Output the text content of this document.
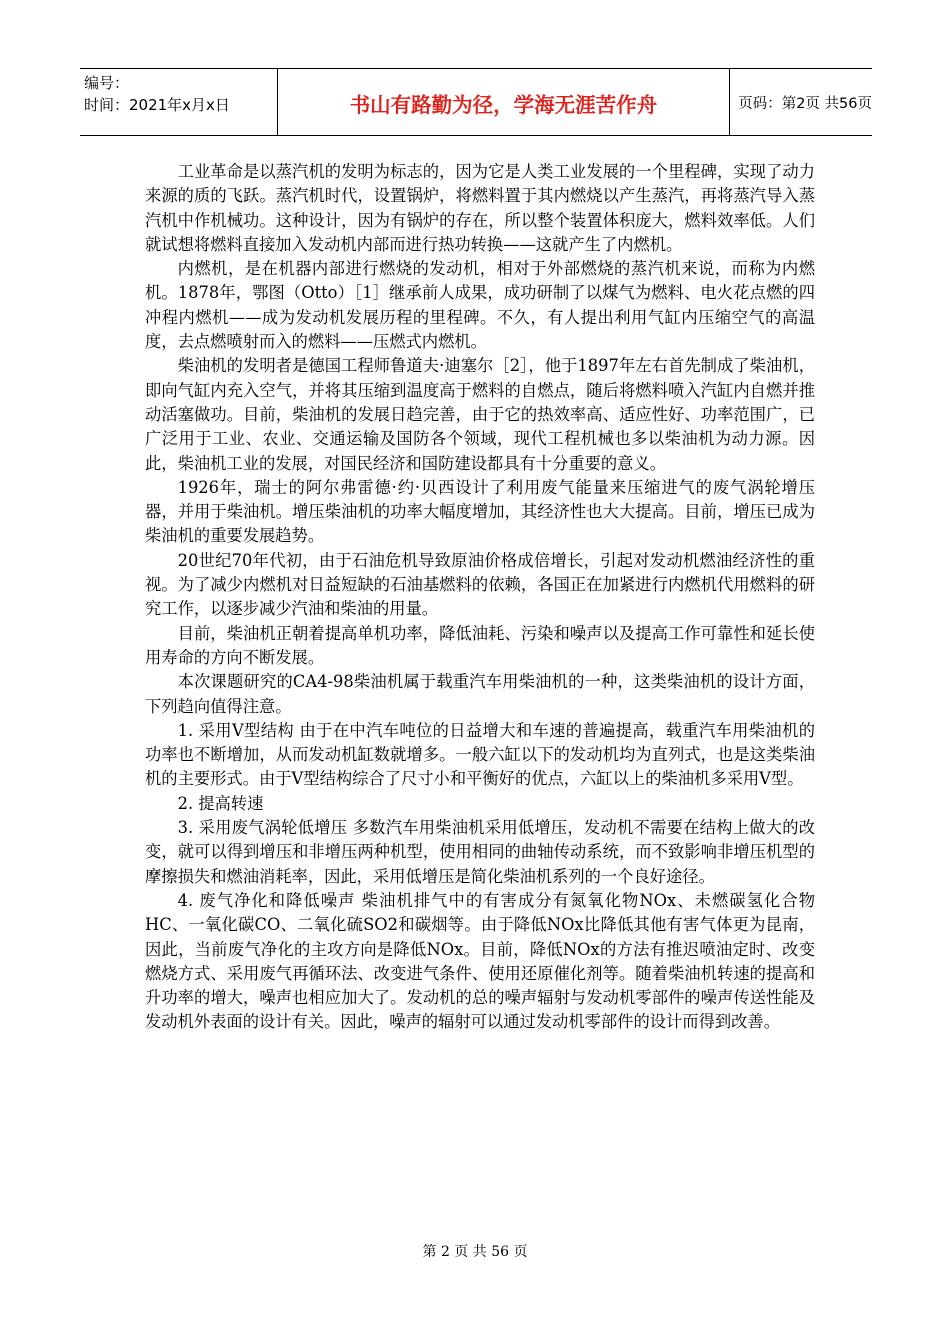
编号：
时间：2021年x月x日	书山有路勤为径，学海无涯苦作舟	页码：第2页 共56页

工业革命是以蒸汽机的发明为标志的，因为它是人类工业发展的一个里程碑，实现了动力来源的质的飞跃。蒸汽机时代，设置锅炉，将燃料置于其内燃烧以产生蒸汽，再将蒸汽导入蒸汽机中作机械功。这种设计，因为有锅炉的存在，所以整个装置体积庞大，燃料效率低。人们就试想将燃料直接加入发动机内部而进行热功转换——这就产生了内燃机。

内燃机，是在机器内部进行燃烧的发动机，相对于外部燃烧的蒸汽机来说，而称为内燃机。1878年，鄂图（Otto）［1］继承前人成果，成功研制了以煤气为燃料、电火花点燃的四冲程内燃机——成为发动机发展历程的里程碑。不久，有人提出利用气缸内压缩空气的高温度，去点燃喷射而入的燃料——压燃式内燃机。

柴油机的发明者是德国工程师鲁道夫·迪塞尔［2］，他于1897年左右首先制成了柴油机，即向气缸内充入空气，并将其压缩到温度高于燃料的自燃点，随后将燃料喷入汽缸内自燃并推动活塞做功。目前，柴油机的发展日趋完善，由于它的热效率高、适应性好、功率范围广，已广泛用于工业、农业、交通运输及国防各个领域，现代工程机械也多以柴油机为动力源。因此，柴油机工业的发展，对国民经济和国防建设都具有十分重要的意义。

1926年，瑞士的阿尔弗雷德·约·贝西设计了利用废气能量来压缩进气的废气涡轮增压器，并用于柴油机。增压柴油机的功率大幅度增加，其经济性也大大提高。目前，增压已成为柴油机的重要发展趋势。

20世纪70年代初，由于石油危机导致原油价格成倍增长，引起对发动机燃油经济性的重视。为了减少内燃机对日益短缺的石油基燃料的依赖，各国正在加紧进行内燃机代用燃料的研究工作，以逐步减少汽油和柴油的用量。

目前，柴油机正朝着提高单机功率，降低油耗、污染和噪声以及提高工作可靠性和延长使用寿命的方向不断发展。

本次课题研究的CA4-98柴油机属于载重汽车用柴油机的一种，这类柴油机的设计方面，下列趋向值得注意。

1. 采用V型结构 由于在中汽车吨位的日益增大和车速的普遍提高，载重汽车用柴油机的功率也不断增加，从而发动机缸数就增多。一般六缸以下的发动机均为直列式，也是这类柴油机的主要形式。由于V型结构综合了尺寸小和平衡好的优点，六缸以上的柴油机多采用V型。

2. 提高转速

3. 采用废气涡轮低增压 多数汽车用柴油机采用低增压，发动机不需要在结构上做大的改变，就可以得到增压和非增压两种机型，使用相同的曲轴传动系统，而不致影响非增压机型的摩擦损失和燃油消耗率，因此，采用低增压是简化柴油机系列的一个良好途径。

4. 废气净化和降低噪声 柴油机排气中的有害成分有氮氧化物NOx、未燃碳氢化合物HC、一氧化碳CO、二氧化硫SO2和碳烟等。由于降低NOx比降低其他有害气体更为昆南，因此，当前废气净化的主攻方向是降低NOx。目前，降低NOx的方法有推迟喷油定时、改变燃烧方式、采用废气再循环法、改变进气条件、使用还原催化剂等。随着柴油机转速的提高和升功率的增大，噪声也相应加大了。发动机的总的噪声辐射与发动机零部件的噪声传送性能及发动机外表面的设计有关。因此，噪声的辐射可以通过发动机零部件的设计而得到改善。

第 2 页 共 56 页
